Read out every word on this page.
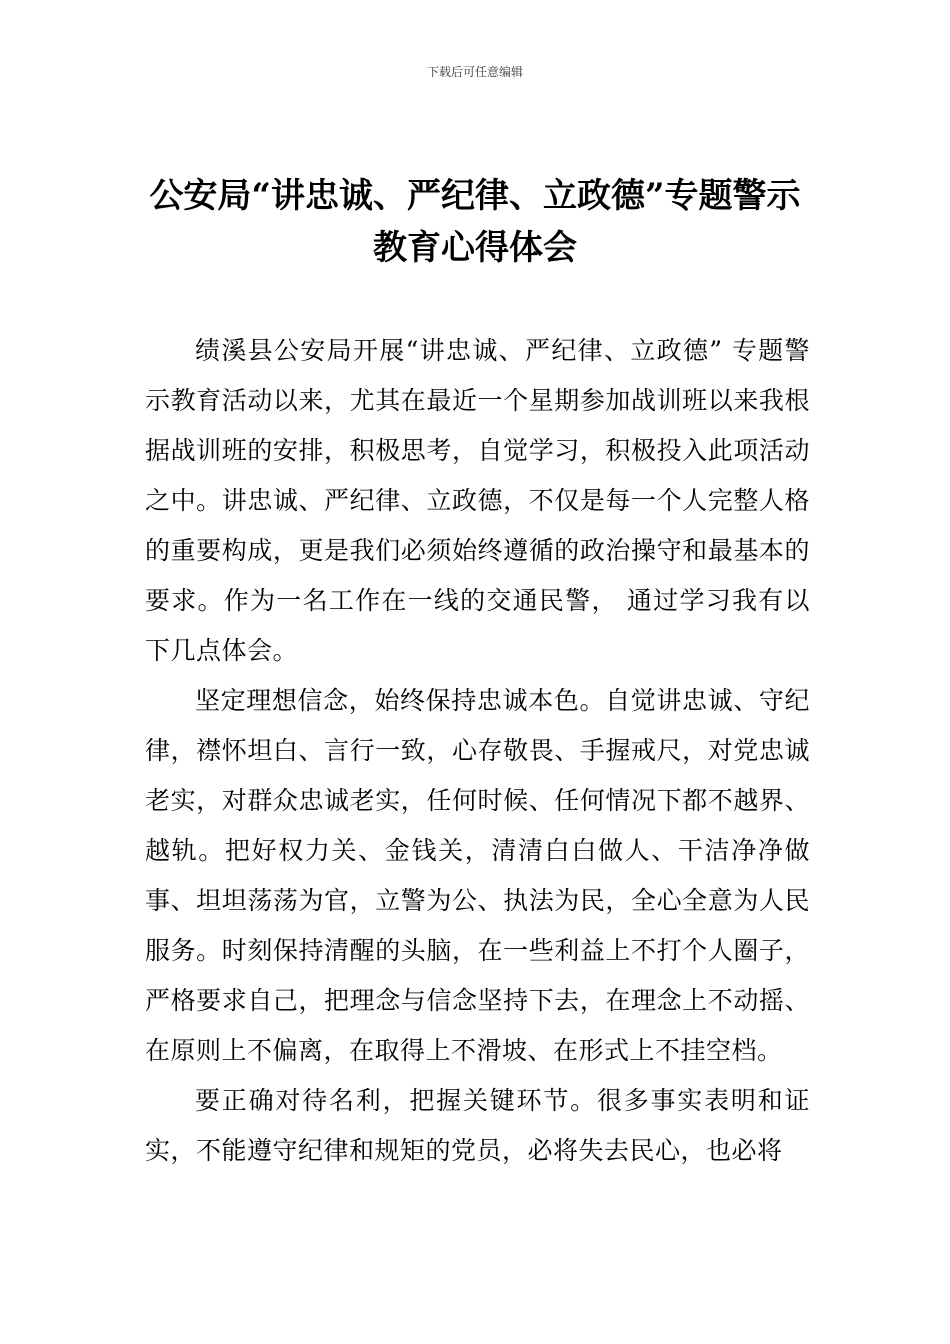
下载后可任意编辑
公安局“讲忠诚、严纪律、立政德”专题警示教育心得体会

绩溪县公安局开展“讲忠诚、严纪律、立政德” 专题警示教育活动以来，尤其在最近一个星期参加战训班以来我根据战训班的安排，积极思考，自觉学习，积极投入此项活动之中。讲忠诚、严纪律、立政德，不仅是每一个人完整人格的重要构成，更是我们必须始终遵循的政治操守和最基本的要求。作为一名工作在一线的交通民警， 通过学习我有以下几点体会。

坚定理想信念，始终保持忠诚本色。自觉讲忠诚、守纪律，襟怀坦白、言行一致，心存敬畏、手握戒尺，对党忠诚老实，对群众忠诚老实，任何时候、任何情况下都不越界、越轨。把好权力关、金钱关，清清白白做人、干洁净净做事、坦坦荡荡为官，立警为公、执法为民，全心全意为人民服务。时刻保持清醒的头脑，在一些利益上不打个人圈子，严格要求自己，把理念与信念坚持下去，在理念上不动摇、在原则上不偏离，在取得上不滑坡、在形式上不挂空档。

要正确对待名利，把握关键环节。很多事实表明和证实，不能遵守纪律和规矩的党员，必将失去民心，也必将
